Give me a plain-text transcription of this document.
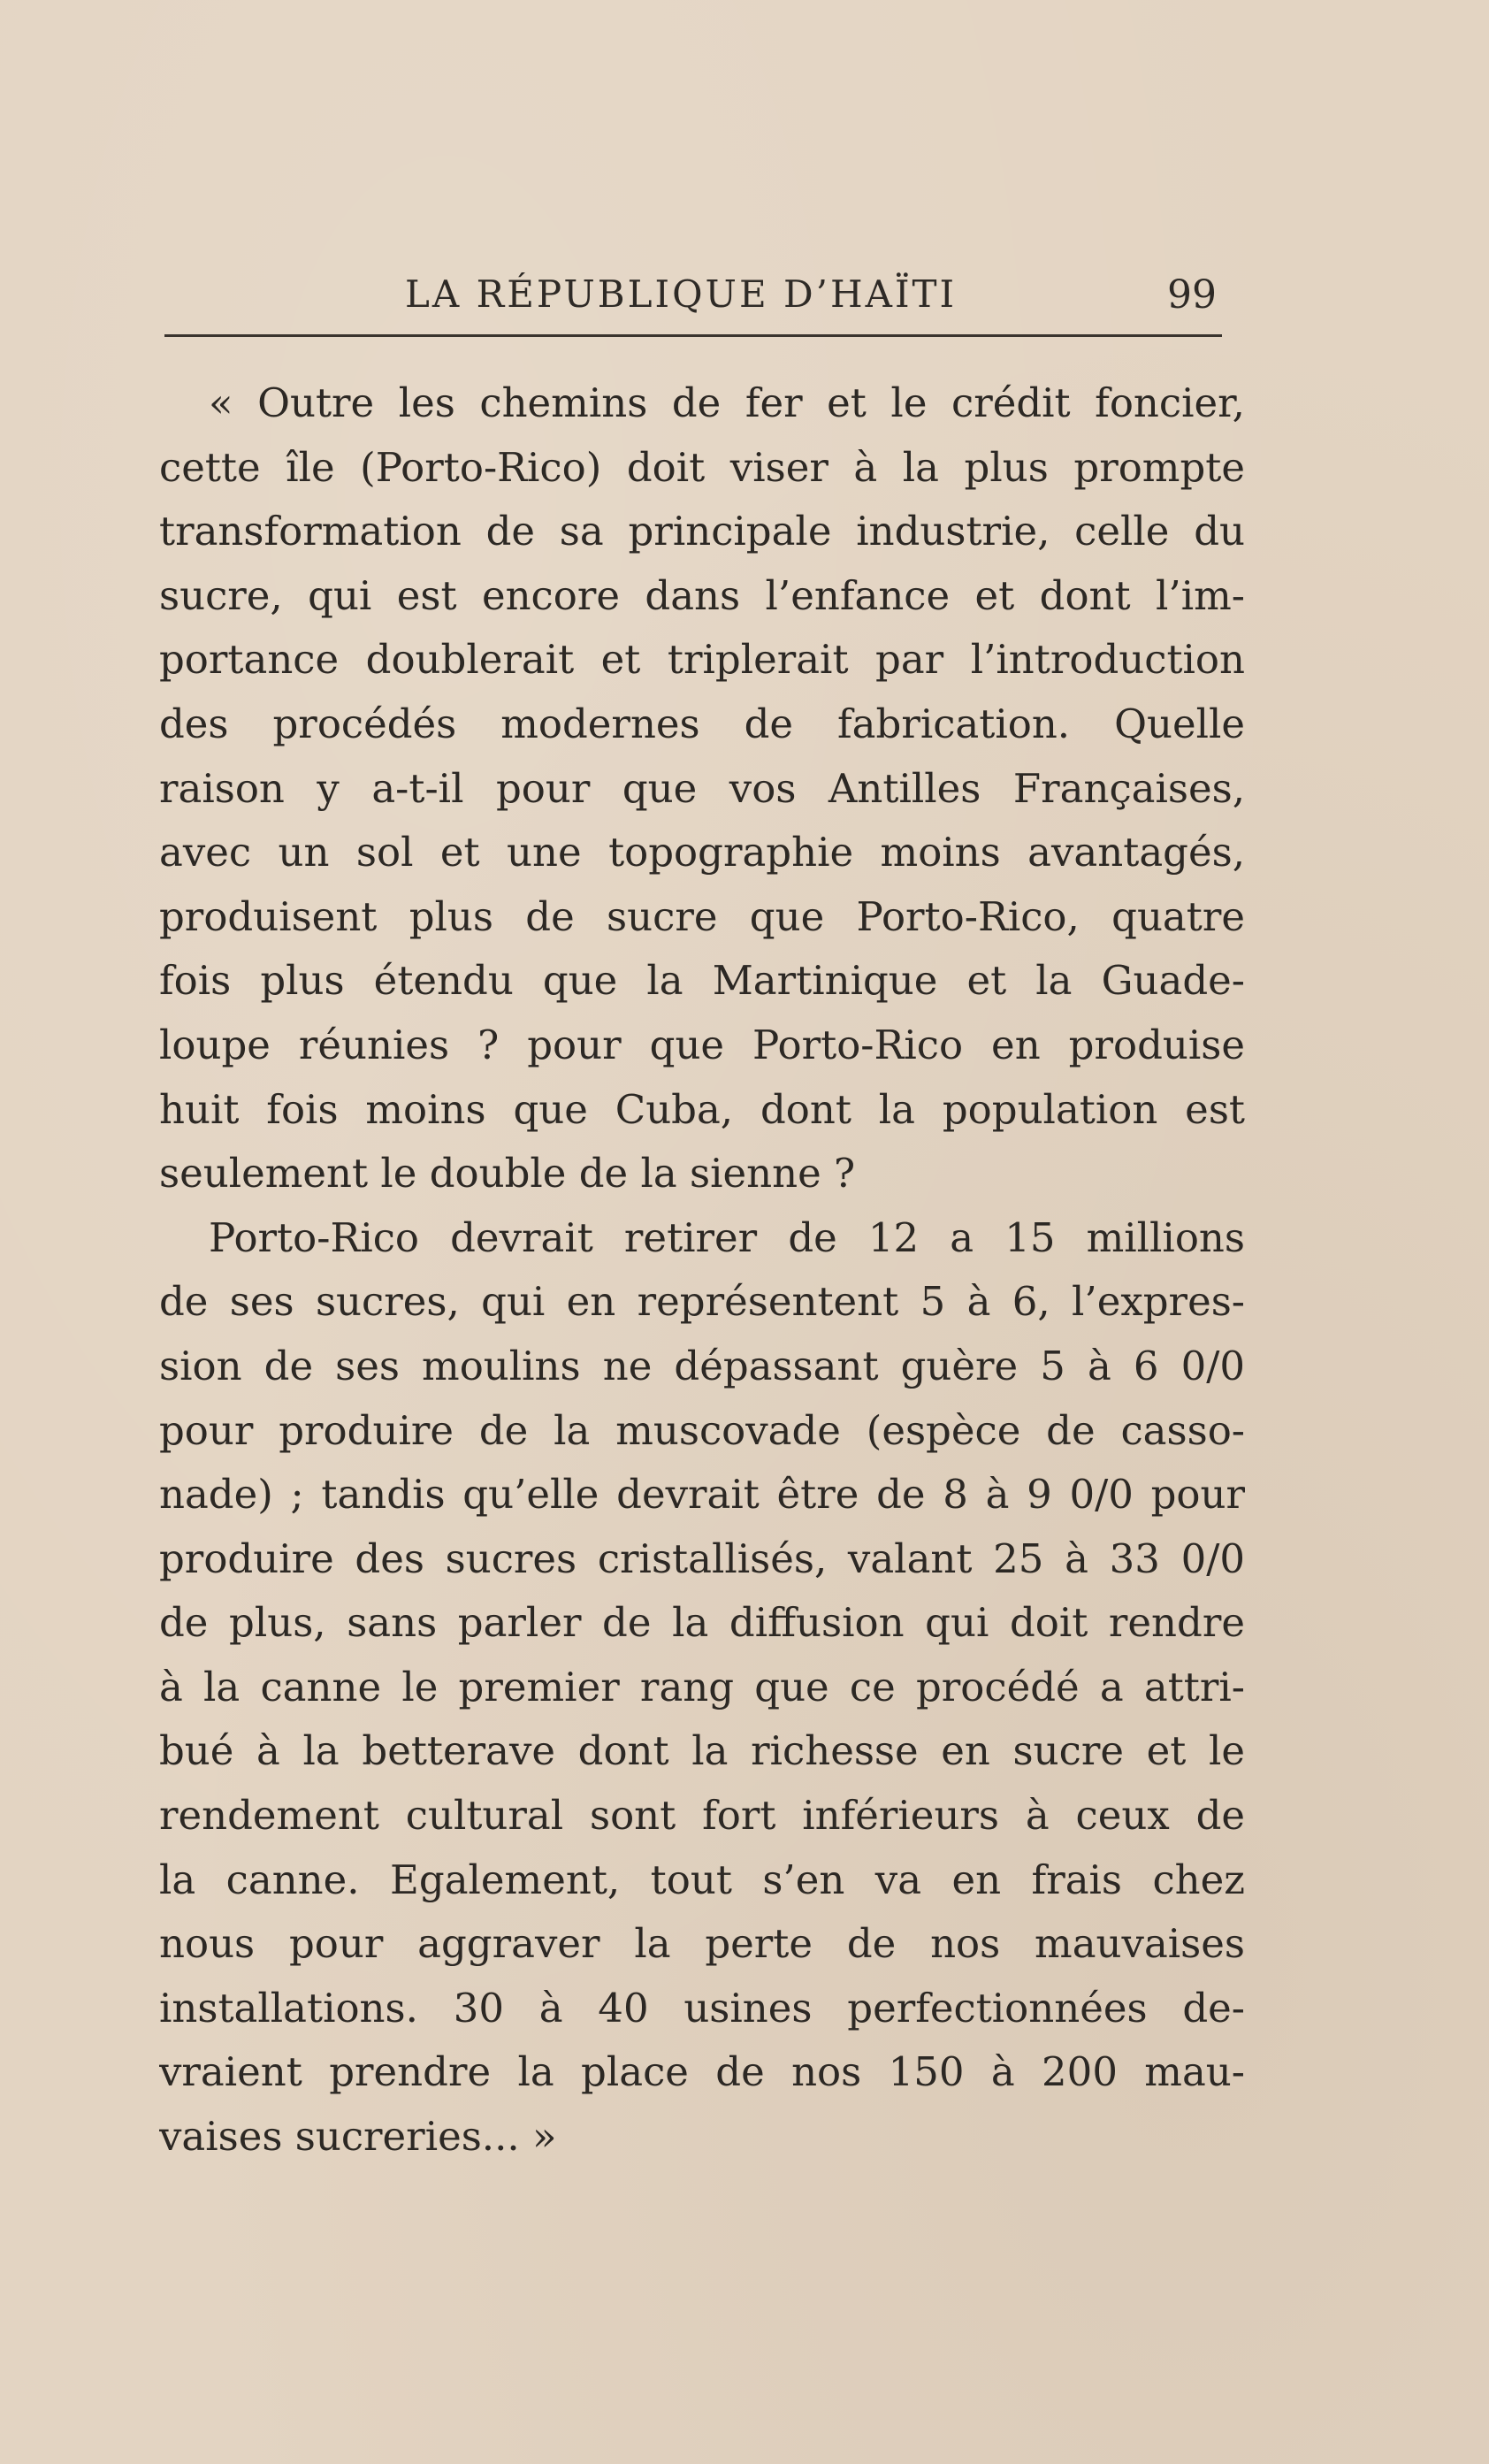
LA RÉPUBLIQUE D’HAÏTI	99
« Outre les chemins de fer et le crédit foncier,
cette île (Porto-Rico) doit viser à la plus prompte
transformation de sa principale industrie, celle du
sucre, qui est encore dans l’enfance et dont l’im-
portance doublerait et triplerait par l’introduction
des procédés modernes de fabrication. Quelle
raison y a-t-il pour que vos Antilles Françaises,
avec un sol et une topographie moins avantagés,
produisent plus de sucre que Porto-Rico, quatre
fois plus étendu que la Martinique et la Guade-
loupe réunies ? pour que Porto-Rico en produise
huit fois moins que Cuba, dont la population est
seulement le double de la sienne ?
Porto-Rico devrait retirer de 12 a 15 millions
de ses sucres, qui en représentent 5 à 6, l’expres-
sion de ses moulins ne dépassant guère 5 à 6 0/0
pour produire de la muscovade (espèce de casso-
nade) ; tandis qu’elle devrait être de 8 à 9 0/0 pour
produire des sucres cristallisés, valant 25 à 33 0/0
de plus, sans parler de la diffusion qui doit rendre
à la canne le premier rang que ce procédé a attri-
bué à la betterave dont la richesse en sucre et le
rendement cultural sont fort inférieurs à ceux de
la canne. Egalement, tout s’en va en frais chez
nous pour aggraver la perte de nos mauvaises
installations. 30 à 40 usines perfectionnées de-
vraient prendre la place de nos 150 à 200 mau-
vaises sucreries... »
